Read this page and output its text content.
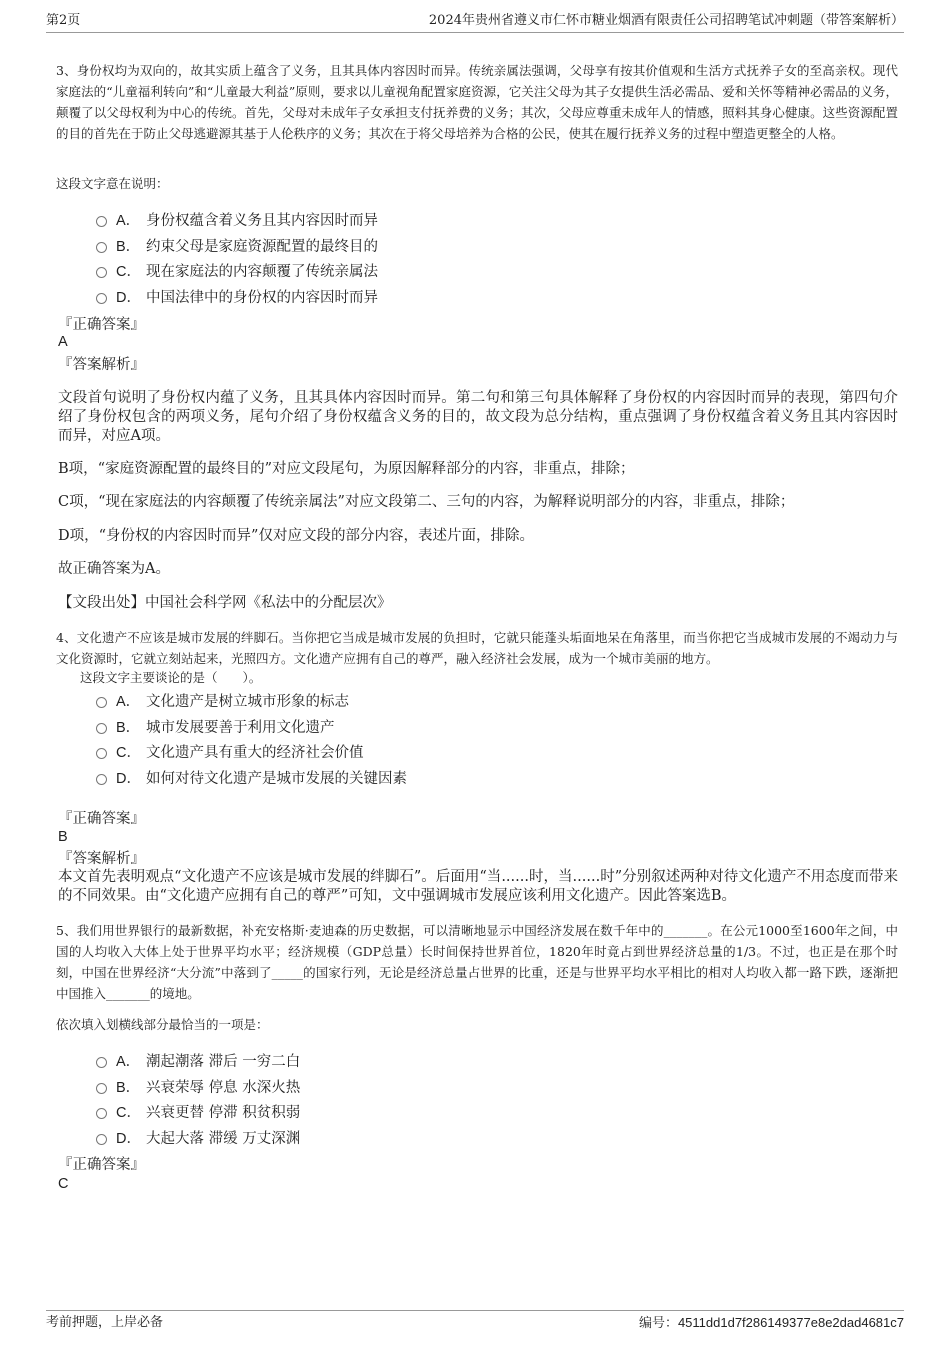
第2页	2024年贵州省遵义市仁怀市糖业烟酒有限责任公司招聘笔试冲刺题（带答案解析）
3、身份权均为双向的，故其实质上蕴含了义务，且其具体内容因时而异。传统亲属法强调，父母享有按其价值观和生活方式抚养子女的至高亲权。现代家庭法的“儿童福利转向”和“儿童最大利益”原则，要求以儿童视角配置家庭资源，它关注父母为其子女提供生活必需品、爱和关怀等精神必需品的义务，颠覆了以父母权利为中心的传统。首先，父母对未成年子女承担支付抚养费的义务；其次，父母应尊重未成年人的情感，照料其身心健康。这些资源配置的目的首先在于防止父母逃避源其基于人伦秩序的义务；其次在于将父母培养为合格的公民，使其在履行抚养义务的过程中塑造更整全的人格。
这段文字意在说明：
A． 身份权蕴含着义务且其内容因时而异
B． 约束父母是家庭资源配置的最终目的
C． 现在家庭法的内容颠覆了传统亲属法
D． 中国法律中的身份权的内容因时而异
『正确答案』
A
『答案解析』
文段首句说明了身份权内蕴了义务，且其具体内容因时而异。第二句和第三句具体解释了身份权的内容因时而异的表现，第四句介绍了身份权包含的两项义务，尾句介绍了身份权蕴含义务的目的，故文段为总分结构，重点强调了身份权蕴含着义务且其内容因时而异，对应A项。
B项，“家庭资源配置的最终目的”对应文段尾句，为原因解释部分的内容，非重点，排除；
C项，“现在家庭法的内容颠覆了传统亲属法”对应文段第二、三句的内容，为解释说明部分的内容，非重点，排除；
D项，“身份权的内容因时而异”仅对应文段的部分内容，表述片面，排除。
故正确答案为A。
【文段出处】中国社会科学网《私法中的分配层次》
4、文化遗产不应该是城市发展的绊脚石。当你把它当成是城市发展的负担时，它就只能蓬头垢面地呆在角落里，而当你把它当成城市发展的不竭动力与文化资源时，它就立刻站起来，光照四方。文化遗产应拥有自己的尊严，融入经济社会发展，成为一个城市美丽的地方。
这段文字主要谈论的是（　　）。
A． 文化遗产是树立城市形象的标志
B． 城市发展要善于利用文化遗产
C． 文化遗产具有重大的经济社会价值
D． 如何对待文化遗产是城市发展的关键因素
『正确答案』
B
『答案解析』
本文首先表明观点“文化遗产不应该是城市发展的绊脚石”。后面用“当......时，当......时”分别叙述两种对待文化遗产不用态度而带来的不同效果。由“文化遗产应拥有自己的尊严”可知，文中强调城市发展应该利用文化遗产。因此答案选B。
5、我们用世界银行的最新数据，补充安格斯·麦迪森的历史数据，可以清晰地显示中国经济发展在数千年中的_______。在公元1000至1600年之间，中国的人均收入大体上处于世界平均水平；经济规模（GDP总量）长时间保持世界首位，1820年时竟占到世界经济总量的1/3。不过，也正是在那个时刻，中国在世界经济“大分流”中落到了_____的国家行列，无论是经济总量占世界的比重，还是与世界平均水平相比的相对人均收入都一路下跌，逐渐把中国推入_______的境地。
依次填入划横线部分最恰当的一项是：
A． 潮起潮落 滞后 一穷二白
B． 兴衰荣辱 停息 水深火热
C． 兴衰更替 停滞 积贫积弱
D． 大起大落 滞缓 万丈深渊
『正确答案』
C
考前押题，上岸必备	编号：4511dd1d7f286149377e8e2dad4681c7
